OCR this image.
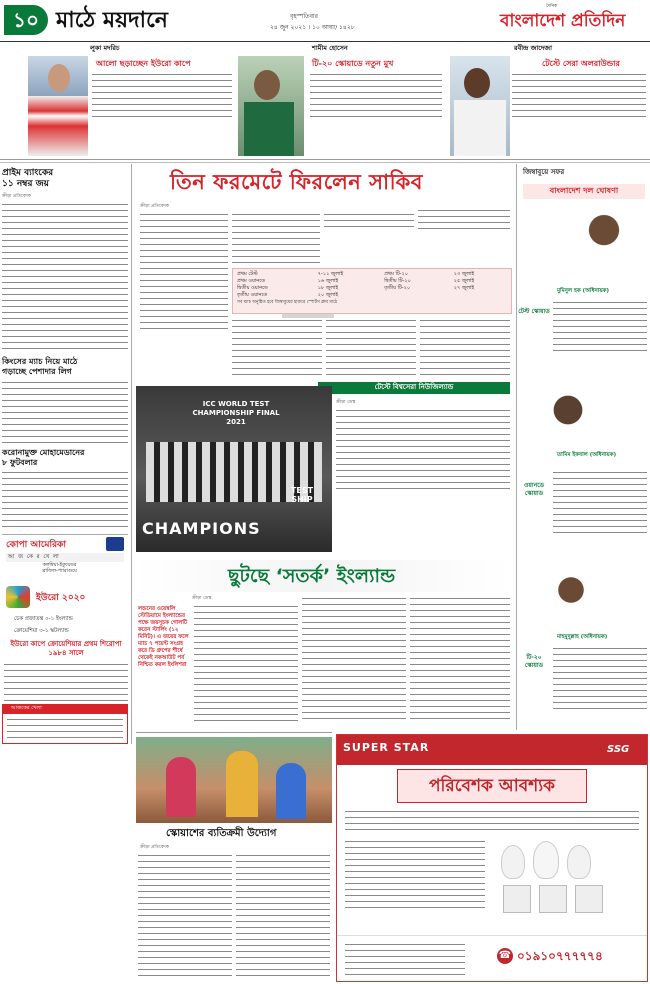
১০ মাঠে ময়দানে	বৃহস্পতিবার
২৪ জুন ২০২১ । ১০ আষাঢ় ১৪২৮
দৈনিক
বাংলাদেশ প্রতিদিন
লুকা মদরিচ
আলো ছড়াচ্ছেন ইউরো কাপে
শামীম হোসেন
টি-২০ স্কোয়াডে নতুন মুখ
রবীন্দ্র জাদেজা
টেস্টে সেরা অলরাউন্ডার
প্রাইম ব্যাংকের
১১ নম্বর জয়
ক্রীড়া প্রতিবেদক
কিংসের ম্যাচ নিয়ে মাঠে
গড়াচ্ছে পেশাদার লিগ
করোনামুক্ত মোহামেডানের
৮ ফুটবলার
কোপা আমেরিকা
আ জ কে র খে লা
কলম্বিয়া-ইকুয়েডর
ব্রাজিল-প্যারাগুয়ে
ইউরো ২০২০
চেক প্রজাতন্ত্র ০-১ ইংল্যান্ড
ক্রোয়েশিয়া ৩-১ স্কটল্যান্ড
ইউরো কাপে ক্রোয়েশিয়ার প্রথম শিরোপা ১৯৮৪ সালে
আজকের খেলা
তিন ফরমেটে ফিরলেন সাকিব
ক্রীড়া প্রতিবেদক
প্রথম টেস্ট	৭-১১ জুলাই	প্রথম টি-২০	২৩ জুলাই
প্রথম ওয়ানডে	১৬ জুলাই	দ্বিতীয় টি-২০	২৫ জুলাই
দ্বিতীয় ওয়ানডে	১৮ জুলাই	তৃতীয় টি-২০	২৭ জুলাই
তৃতীয় ওয়ানডে	২০ জুলাই		
সব ম্যাচ অনুষ্ঠিত হবে জিম্বাবুয়ের হারারে স্পোর্টস ক্লাব মাঠে
টেস্টে বিশ্বসেরা নিউজিল্যান্ড
ICC WORLD TEST CHAMPIONSHIP FINAL 2021
CHAMPIONS
TEST SHIP
ক্রীড়া ডেস্ক
ছুটছে ‘সতর্ক’ ইংল্যান্ড
ক্রীড়া ডেস্ক
লন্ডনের ওয়েম্বলি স্টেডিয়ামে ইংল্যান্ডের পক্ষে জয়সূচক গোলটি করেন স্টার্লিং (১২ মিনিট)। এ জয়ের ফলে ম্যাচ ৭ পয়েন্ট সংগ্রহ করে ডি গ্রুপের শীর্ষে থেকেই নকআউট পর্ব নিশ্চিত করল ইংলিশরা
জিম্বাবুয়ে সফর
বাংলাদেশ দল ঘোষণা
মুমিনুল হক (অধিনায়ক)
টেস্ট স্কোয়াড
তামিম ইকবাল (অধিনায়ক)
ওয়ানডে স্কোয়াড
মাহমুদুল্লাহ (অধিনায়ক)
টি-২০ স্কোয়াড
স্কোয়াশের ব্যতিক্রমী উদ্যোগ
ক্রীড়া প্রতিবেদক
SUPER STAR	SSG
পরিবেশক আবশ্যক
☎ ০১৯১০৭৭৭৭৭৪
